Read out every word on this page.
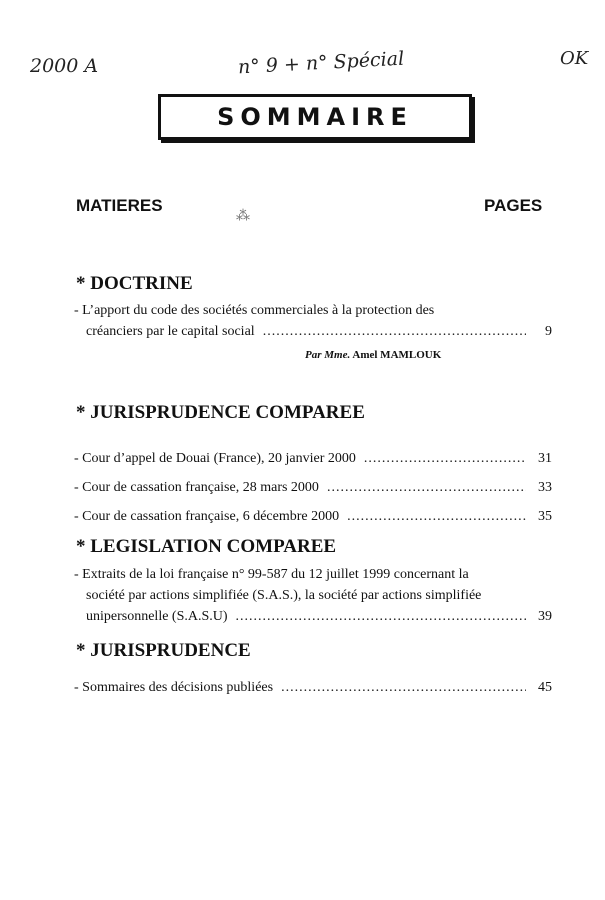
2000 A	n° 9 + n° Spécial	OK
SOMMAIRE
MATIERES
⁂
PAGES
* DOCTRINE
- L’apport du code des sociétés commerciales à la protection des
créanciers par le capital social .....	9
Par Mme. Amel MAMLOUK
* JURISPRUDENCE COMPAREE
- Cour d’appel de Douai (France), 20 janvier 2000 .....	31
- Cour de cassation française, 28 mars 2000 .....	33
- Cour de cassation française, 6 décembre 2000 .....	35
* LEGISLATION COMPAREE
- Extraits de la loi française n° 99-587 du 12 juillet 1999 concernant la
société par actions simplifiée (S.A.S.), la société par actions simplifiée
unipersonnelle (S.A.S.U) .....	39
* JURISPRUDENCE
- Sommaires des décisions publiées .....	45
